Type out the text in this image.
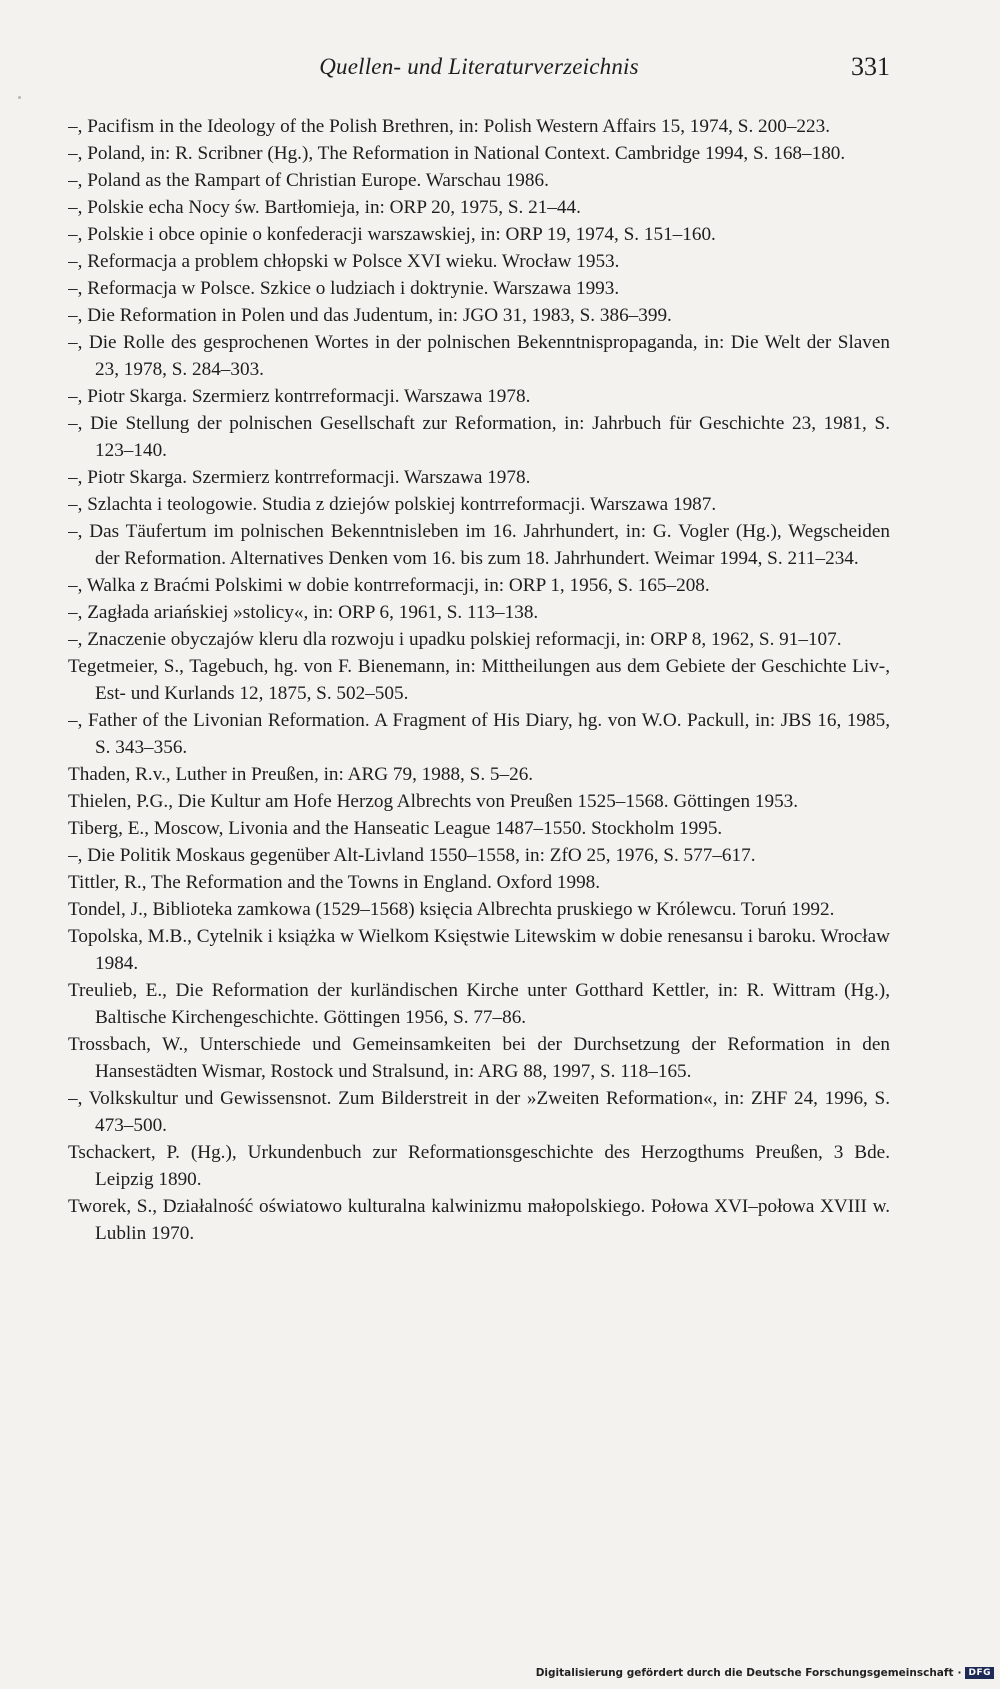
Quellen- und Literaturverzeichnis	331

–, Pacifism in the Ideology of the Polish Brethren, in: Polish Western Affairs 15, 1974, S. 200–223.

–, Poland, in: R. Scribner (Hg.), The Reformation in National Context. Cambridge 1994, S. 168–180.

–, Poland as the Rampart of Christian Europe. Warschau 1986.

–, Polskie echa Nocy św. Bartłomieja, in: ORP 20, 1975, S. 21–44.

–, Polskie i obce opinie o konfederacji warszawskiej, in: ORP 19, 1974, S. 151–160.

–, Reformacja a problem chłopski w Polsce XVI wieku. Wrocław 1953.

–, Reformacja w Polsce. Szkice o ludziach i doktrynie. Warszawa 1993.

–, Die Reformation in Polen und das Judentum, in: JGO 31, 1983, S. 386–399.

–, Die Rolle des gesprochenen Wortes in der polnischen Bekenntnispropaganda, in: Die Welt der Slaven 23, 1978, S. 284–303.

–, Piotr Skarga. Szermierz kontrreformacji. Warszawa 1978.

–, Die Stellung der polnischen Gesellschaft zur Reformation, in: Jahrbuch für Geschichte 23, 1981, S. 123–140.

–, Piotr Skarga. Szermierz kontrreformacji. Warszawa 1978.

–, Szlachta i teologowie. Studia z dziejów polskiej kontrreformacji. Warszawa 1987.

–, Das Täufertum im polnischen Bekenntnisleben im 16. Jahrhundert, in: G. Vogler (Hg.), Wegscheiden der Reformation. Alternatives Denken vom 16. bis zum 18. Jahrhundert. Weimar 1994, S. 211–234.

–, Walka z Braćmi Polskimi w dobie kontrreformacji, in: ORP 1, 1956, S. 165–208.

–, Zagłada ariańskiej »stolicy«, in: ORP 6, 1961, S. 113–138.

–, Znaczenie obyczajów kleru dla rozwoju i upadku polskiej reformacji, in: ORP 8, 1962, S. 91–107.

Tegetmeier, S., Tagebuch, hg. von F. Bienemann, in: Mittheilungen aus dem Gebiete der Geschichte Liv-, Est- und Kurlands 12, 1875, S. 502–505.

–, Father of the Livonian Reformation. A Fragment of His Diary, hg. von W.O. Packull, in: JBS 16, 1985, S. 343–356.

Thaden, R.v., Luther in Preußen, in: ARG 79, 1988, S. 5–26.

Thielen, P.G., Die Kultur am Hofe Herzog Albrechts von Preußen 1525–1568. Göttingen 1953.

Tiberg, E., Moscow, Livonia and the Hanseatic League 1487–1550. Stockholm 1995.

–, Die Politik Moskaus gegenüber Alt-Livland 1550–1558, in: ZfO 25, 1976, S. 577–617.

Tittler, R., The Reformation and the Towns in England. Oxford 1998.

Tondel, J., Biblioteka zamkowa (1529–1568) księcia Albrechta pruskiego w Królewcu. Toruń 1992.

Topolska, M.B., Cytelnik i książka w Wielkom Księstwie Litewskim w dobie renesansu i baroku. Wrocław 1984.

Treulieb, E., Die Reformation der kurländischen Kirche unter Gotthard Kettler, in: R. Wittram (Hg.), Baltische Kirchengeschichte. Göttingen 1956, S. 77–86.

Trossbach, W., Unterschiede und Gemeinsamkeiten bei der Durchsetzung der Reformation in den Hansestädten Wismar, Rostock und Stralsund, in: ARG 88, 1997, S. 118–165.

–, Volkskultur und Gewissensnot. Zum Bilderstreit in der »Zweiten Reformation«, in: ZHF 24, 1996, S. 473–500.

Tschackert, P. (Hg.), Urkundenbuch zur Reformationsgeschichte des Herzogthums Preußen, 3 Bde. Leipzig 1890.

Tworek, S., Działalność oświatowo kulturalna kalwinizmu małopolskiego. Połowa XVI–połowa XVIII w. Lublin 1970.

Digitalisierung gefördert durch die Deutsche Forschungsgemeinschaft · DFG
